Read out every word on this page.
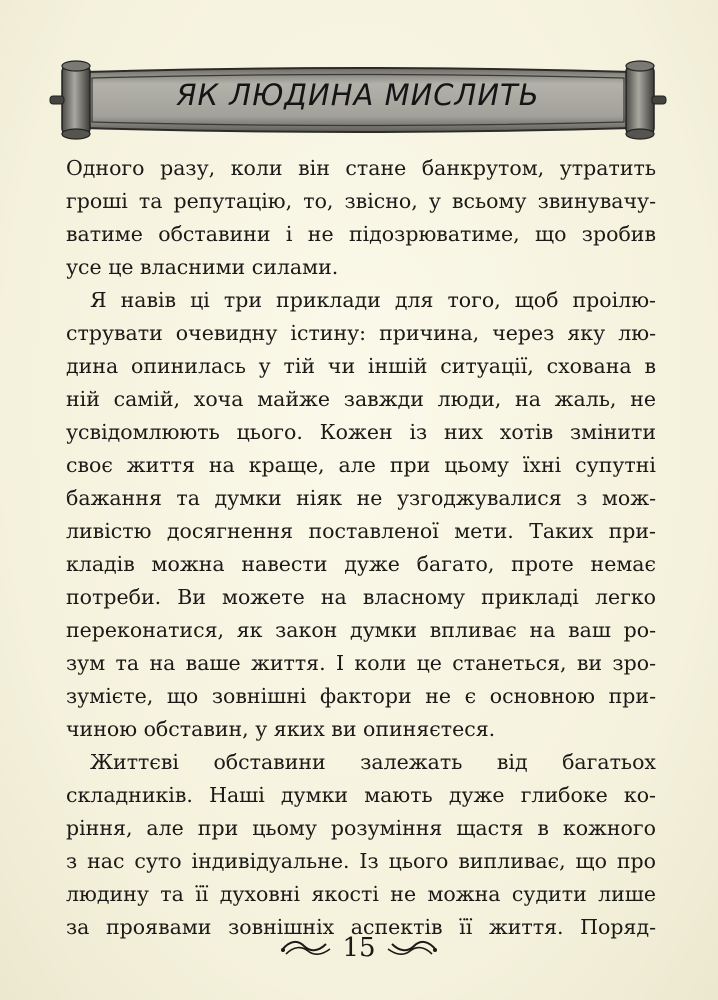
ЯК ЛЮДИНА МИСЛИТЬ

Одного разу, коли він стане банкрутом, утратить
гроші та репутацію, то, звісно, у всьому звинувачу-
ватиме обставини і не підозрюватиме, що зробив
усе це власними силами.

Я навів ці три приклади для того, щоб проілю-
струвати очевидну істину: причина, через яку лю-
дина опинилась у тій чи іншій ситуації, схована в
ній самій, хоча майже завжди люди, на жаль, не
усвідомлюють цього. Кожен із них хотів змінити
своє життя на краще, але при цьому їхні супутні
бажання та думки ніяк не узгоджувалися з мож-
ливістю досягнення поставленої мети. Таких при-
кладів можна навести дуже багато, проте немає
потреби. Ви можете на власному прикладі легко
переконатися, як закон думки впливає на ваш ро-
зум та на ваше життя. І коли це станеться, ви зро-
зумієте, що зовнішні фактори не є основною при-
чиною обставин, у яких ви опиняєтеся.

Життєві обставини залежать від багатьох
складників. Наші думки мають дуже глибоке ко-
ріння, але при цьому розуміння щастя в кожного
з нас суто індивідуальне. Із цього випливає, що про
людину та її духовні якості не можна судити лише
за проявами зовнішніх аспектів її життя. Поряд-

15
